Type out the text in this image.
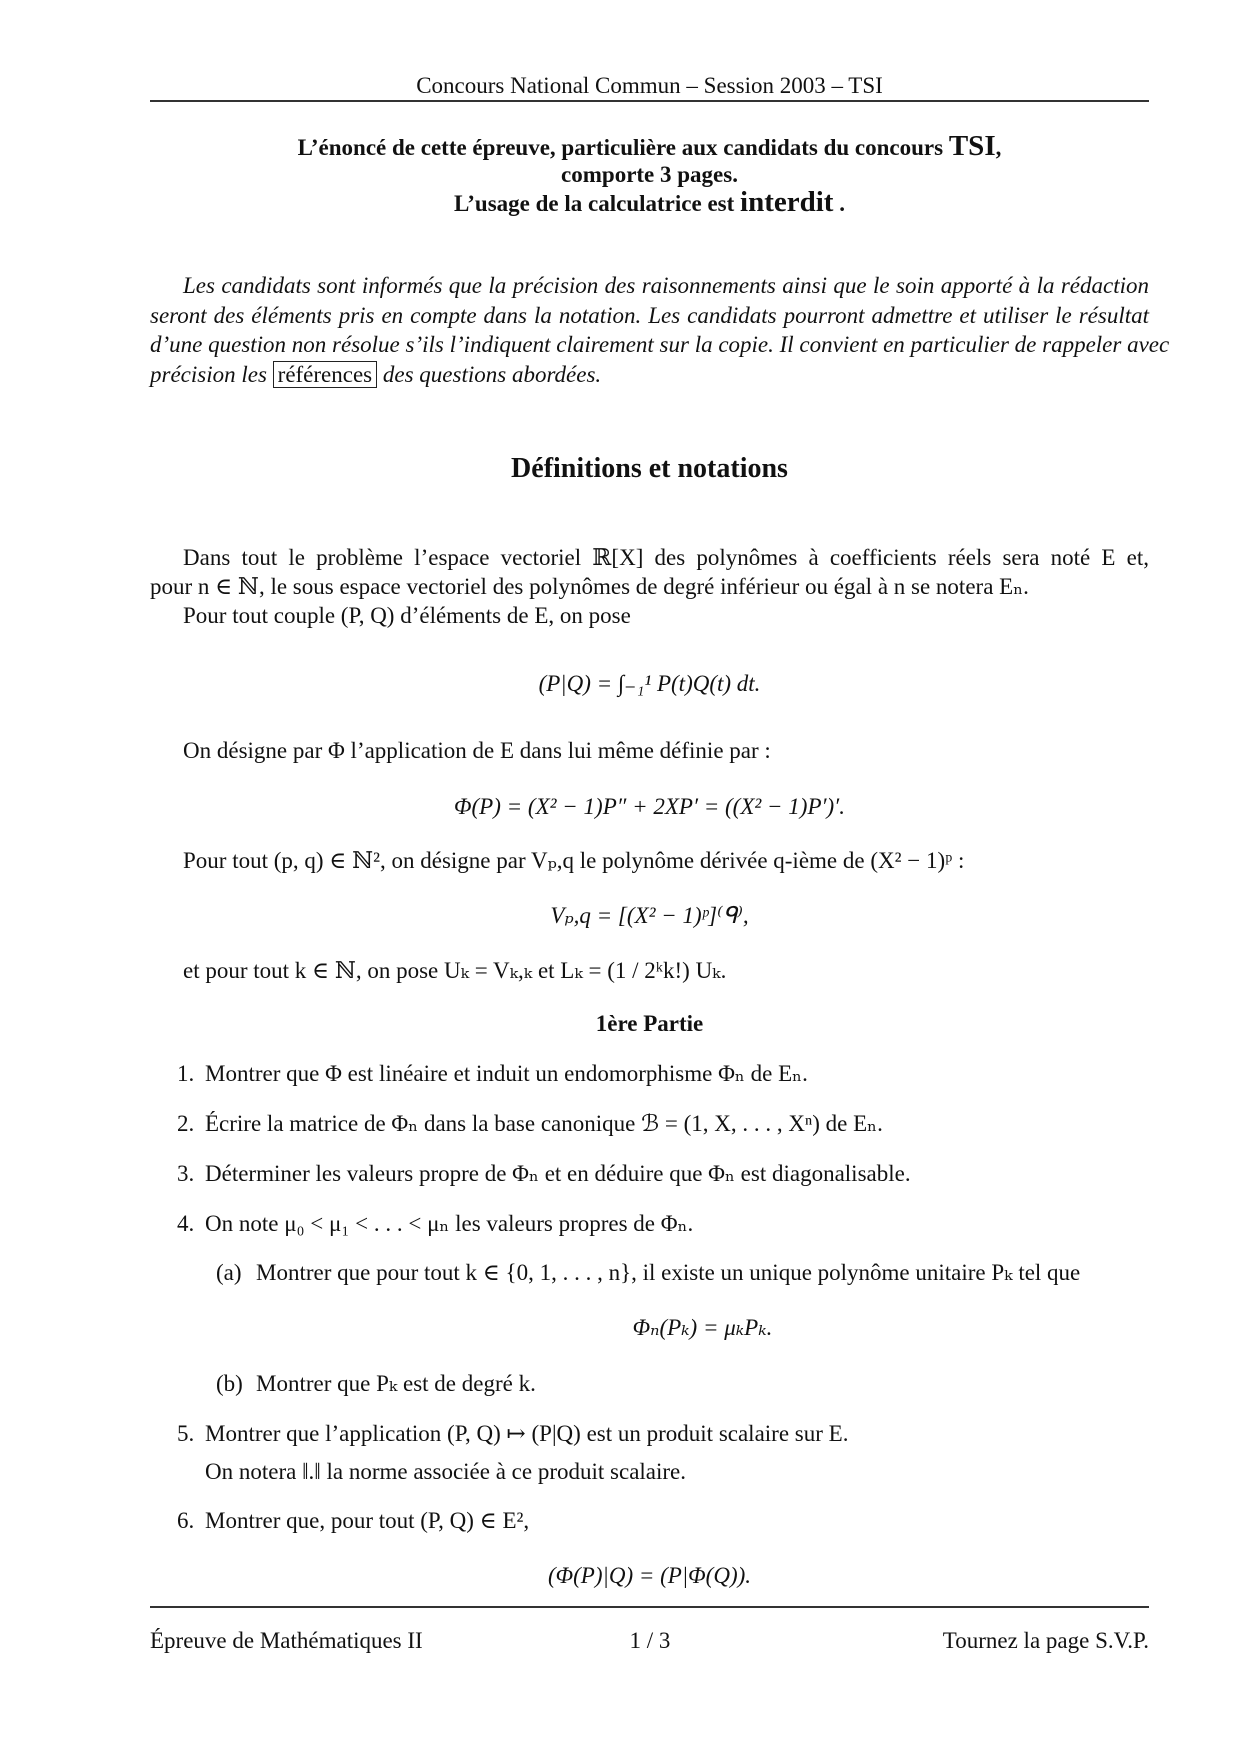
Concours National Commun – Session 2003 – TSI
L’énoncé de cette épreuve, particulière aux candidats du concours TSI,
comporte 3 pages.
L’usage de la calculatrice est interdit .
Les candidats sont informés que la précision des raisonnements ainsi que le soin apporté à la rédaction
seront des éléments pris en compte dans la notation. Les candidats pourront admettre et utiliser le résultat
d’une question non résolue s’ils l’indiquent clairement sur la copie. Il convient en particulier de rappeler avec
précision les références des questions abordées.
Définitions et notations
Dans tout le problème l’espace vectoriel ℝ[X] des polynômes à coefficients réels sera noté E et,
pour n ∈ ℕ, le sous espace vectoriel des polynômes de degré inférieur ou égal à n se notera Eₙ.
Pour tout couple (P, Q) d’éléments de E, on pose
(P|Q) = ∫₋₁¹ P(t)Q(t) dt.
On désigne par Φ l’application de E dans lui même définie par :
Φ(P) = (X² − 1)P″ + 2XP′ = ((X² − 1)P′)′.
Pour tout (p, q) ∈ ℕ², on désigne par Vₚ,q le polynôme dérivée q-ième de (X² − 1)ᵖ :
Vₚ,q = [(X² − 1)ᵖ]⁽ᑫ⁾,
et pour tout k ∈ ℕ, on pose Uₖ = Vₖ,ₖ et Lₖ = (1 / 2ᵏk!) Uₖ.
1ère Partie
1. Montrer que Φ est linéaire et induit un endomorphisme Φₙ de Eₙ.
2. Écrire la matrice de Φₙ dans la base canonique ℬ = (1, X, . . . , Xⁿ) de Eₙ.
3. Déterminer les valeurs propre de Φₙ et en déduire que Φₙ est diagonalisable.
4. On note μ₀ < μ₁ < . . . < μₙ les valeurs propres de Φₙ.
(a) Montrer que pour tout k ∈ {0, 1, . . . , n}, il existe un unique polynôme unitaire Pₖ tel que
Φₙ(Pₖ) = μₖPₖ.
(b) Montrer que Pₖ est de degré k.
5. Montrer que l’application (P, Q) ↦ (P|Q) est un produit scalaire sur E.
On notera ‖.‖ la norme associée à ce produit scalaire.
6. Montrer que, pour tout (P, Q) ∈ E²,
(Φ(P)|Q) = (P|Φ(Q)).
Épreuve de Mathématiques II	1 / 3	Tournez la page S.V.P.
